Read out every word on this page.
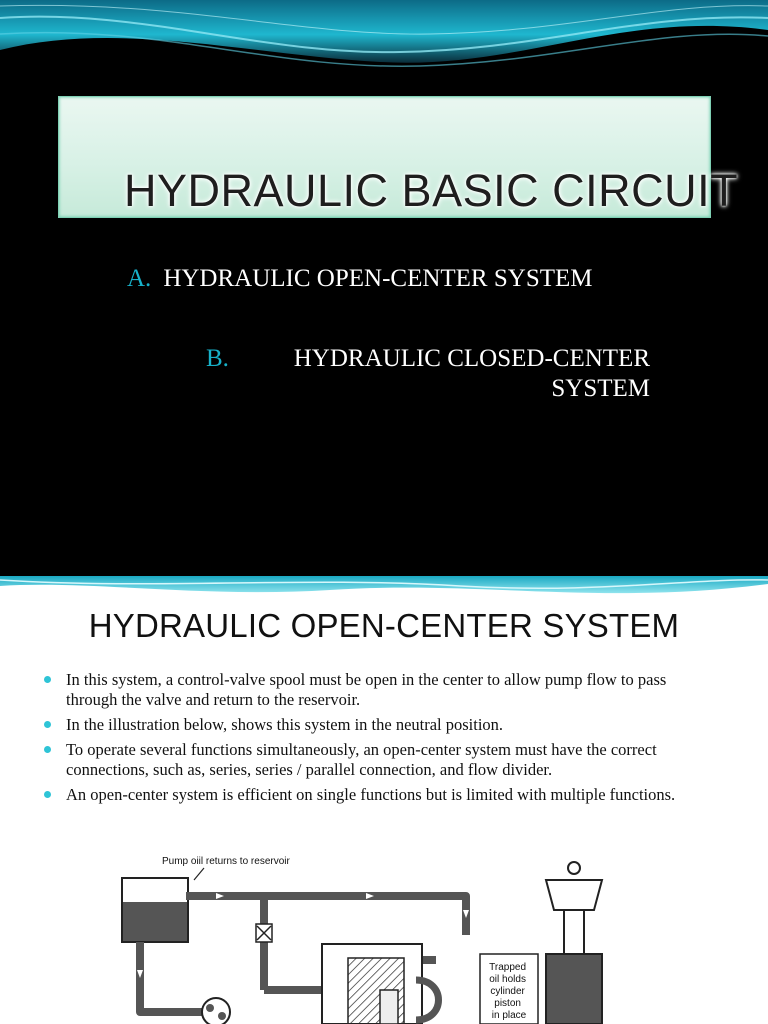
HYDRAULIC BASIC CIRCUIT
A. HYDRAULIC OPEN-CENTER SYSTEM
B.	HYDRAULIC CLOSED-CENTER
SYSTEM
HYDRAULIC OPEN-CENTER SYSTEM
In this system, a control-valve spool must be open in the center to allow pump flow to pass through the valve and return to the reservoir.
In the illustration below, shows this system in the neutral position.
To operate several functions simultaneously, an open-center system must have the correct connections, such as, series, series / parallel connection, and flow divider.
An open-center system is efficient on single functions but is limited with multiple functions.
Pump oiil returns to reservoir
Trapped oil holds cylinder piston in place
